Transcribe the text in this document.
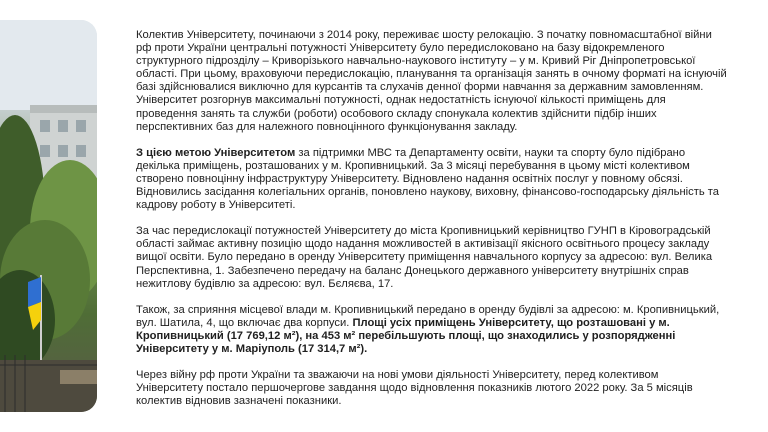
Колектив Університету, починаючи з 2014 року, переживає шосту релокацію. З початку повномасштабної війни рф проти України центральні потужності Університету було передислоковано на базу відокремленого структурного підрозділу – Криворізького навчально-наукового інституту – у м. Кривий Ріг Дніпропетровської області. При цьому, враховуючи передислокацію, планування та організація занять в очному форматі на існуючій базі здійснювалися виключно для курсантів та слухачів денної форми навчання за державним замовленням. Університет розгорнув максимальні потужності, однак недостатність існуючої кількості приміщень для проведення занять та служби (роботи) особового складу спонукала колектив здійснити підбір інших перспективних баз для належного повноцінного функціонування закладу.

З цією метою Університетом за підтримки МВС та Департаменту освіти, науки та спорту було підібрано декілька приміщень, розташованих у м. Кропивницький. За 3 місяці перебування в цьому місті колективом створено повноцінну інфраструктуру Університету. Відновлено надання освітніх послуг у повному обсязі. Відновились засідання колегіальних органів, поновлено наукову, виховну, фінансово-господарську діяльність та кадрову роботу в Університеті.

За час передислокації потужностей Університету до міста Кропивницький керівництво ГУНП в Кіровоградській області займає активну позицію щодо надання можливостей в активізації якісного освітнього процесу закладу вищої освіти. Було передано в оренду Університету приміщення навчального корпусу за адресою: вул. Велика Перспективна, 1. Забезпечено передачу на баланс Донецького державного університету внутрішніх справ нежитлову будівлю за адресою: вул. Бєляєва, 17.

Також, за сприяння місцевої влади м. Кропивницький передано в оренду будівлі за адресою: м. Кропивницький, вул. Шатила, 4, що включає два корпуси. Площі усіх приміщень Університету, що розташовані у м. Кропивницький (17 769,12 м²), на 453 м² перебільшують площі, що знаходились у розпорядженні Університету у м. Маріуполь (17 314,7 м²).

Через війну рф проти України та зважаючи на нові умови діяльності Університету, перед колективом Університету постало першочергове завдання щодо відновлення показників лютого 2022 року. За 5 місяців колектив відновив зазначені показники.
